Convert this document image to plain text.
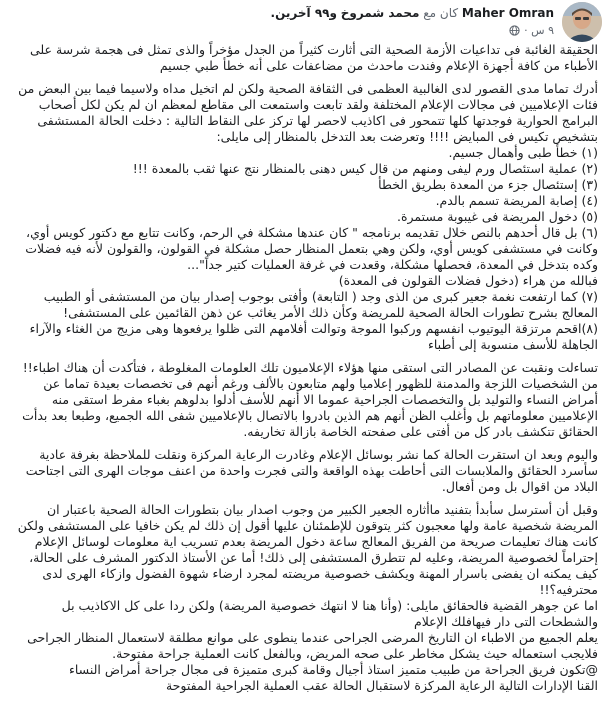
Maher Omran كان مع محمد شمروخ و٩٩ آخرين.
٩ س ·

الحقيقة الغائبة فى تداعيات الأزمة الصحية التى أثارت كثيراً من الجدل مؤخراً والذى تمثل فى هجمة شرسة على الأطباء من كافة أجهزة الإعلام وفندت ماحدث من مضاعفات على أنه خطأ طبي جسيم

أدرك تماما مدى القصور لدى الغالبية العظمى فى الثقافة الصحية ولكن لم اتخيل مداه ولاسيما فيما بين البعض من فئات الإعلاميين فى مجالات الإعلام المختلفة ولقد تابعت واستمعت الى مقاطع لمعظم ان لم يكن لكل أصحاب البرامج الحوارية فوجدتها كلها تتمحور فى اكاذيب لاحصر لها تركز على النقاط التالية : دخلت الحالة المستشفى بتشخيص تكيس فى المبايض !!!! وتعرضت بعد التدخل بالمنظار إلى مايلى:

(١) خطأ طبى وأهمال جسيم.

(٢) عملية استئصال ورم ليفى ومنهم من قال كيس دهنى بالمنظار نتج عنها ثقب بالمعدة !!!

(٣) إستئصال جزء من المعدة بطريق الخطأ

(٤) إصابة المريضة تسمم بالدم.

(٥) دخول المريضة فى غيبوبة مستمرة.

(٦) بل قال أحدهم بالنص خلال تقديمه برنامجه " كان عندها مشكلة في الرحم، وكانت تتابع مع دكتور كويس أوي، وكانت في مستشفى كويس أوي، ولكن وهي بتعمل المنظار حصل مشكلة في القولون، والقولون لأنه فيه فضلات وكده بتدخل في المعدة، فحصلها مشكلة، وقعدت في غرفة العمليات كتير جداً"...

فبالله من هراء (دخول فضلات القولون فى المعدة)

(٧) كما ارتفعت نغمة جعير كبرى من الذى وجد ( التابعة) وأفتى بوجوب إصدار بيان من المستشفى أو الطبيب المعالج بشرح تطورات الحالة الصحية للمريضة وكأن ذلك الأمر يغائب عن ذهن القائمين على المستشفى!

(٨)اقحم مرتزقة اليوتيوب انفسهم وركبوا الموجة وتوالت أفلامهم التى ظلوا يرفعوها وهى مزيج من الغثاء والآراء الجاهلة للأسف منسوبة إلى أطباء

تساءلت ونقبت عن المصادر التى استقى منها هؤلاء الإعلاميون تلك العلومات المغلوطة ، فتأكدت أن هناك اطباء!! من الشخصيات اللزجة والمدمنة للظهور إعلاميا ولهم متابعون بالألف ورغم أنهم فى تخصصات بعيدة تماما عن أمراض النساء والتوليد بل والتخصصات الجراحية عموما الا أنهم للأسف أدلوا بدلوهم بغباء مفرط استقى منه الإعلاميين معلوماتهم بل وأغلب الظن أنهم هم الذين بادروا بالاتصال بالإعلاميين شفى الله الجميع، وطبعا بعد بدأت الحقائق تتكشف بادر كل من أفتى على صفحته الخاصة بازالة تخاريفه.

واليوم وبعد ان استقرت الحالة كما نشر بوسائل الإعلام وغادرت الرعاية المركزة ونقلت للملاحظة بغرفة عادية سأسرد الحقائق والملابسات التى أحاطت بهذه الواقعة والتى فجرت واحدة من اعنف موجات الهرى التى اجتاحت البلاد من اقوال بل ومن أفعال.

وقبل أن أسترسل سأبدأ بتفنيد ماأثاره الجعير الكبير من وجوب اصدار بيان بتطورات الحالة الصحية باعتبار ان المريضة شخصية عامة ولها معجبون كثر يتوقون للإطمئنان عليها أقول إن ذلك لم يكن خافيا على المستشفى ولكن كانت هناك تعليمات صريحة من الفريق المعالج ساعة دخول المريضة بعدم تسريب اية معلومات لوسائل الإعلام إحتراماً لخصوصية المريضة، وعليه لم تتطرق المستشفى إلى ذلك! أما عن الأستاذ الدكتور المشرف على الحالة، كيف يمكنه ان يفضى باسرار المهنة ويكشف خصوصية مريضته لمجرد ارضاء شهوة الفضول وازكاء الهرى لدى محترفيه؟!!

اما عن جوهر القضية فالحقائق مايلى: (وأنا هنا لا انتهك خصوصية المريضة) ولكن ردا على كل الاكاذيب بل والشطحات التى دار فيهافلك الإعلام

يعلم الجميع من الاطباء ان التاريخ المرضى الجراحى عندما ينطوى على موانع مطلقة لاستعمال المنظار الجراحى فلايجب استعماله حيث يشكل مخاطر على صحه المريض، وبالفعل كانت العملية جراحة مفتوحة.

@تكون فريق الجراحة من طبيب متميز استاذ أجيال وقامة كبرى متميزة فى مجال جراحة أمراض النساء

القنا الإدارات التالية الرعاية المركزة لاستقبال الحالة عقب العملية الجراحية المفتوحة
